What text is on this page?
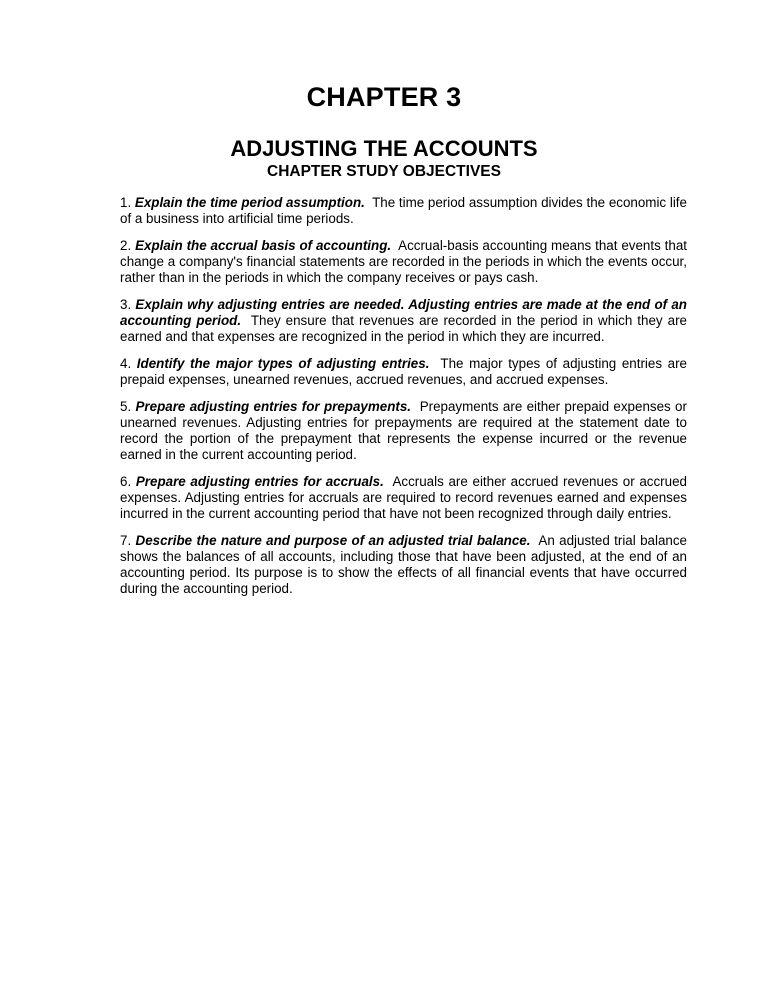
CHAPTER 3
ADJUSTING THE ACCOUNTS
CHAPTER STUDY OBJECTIVES

1. Explain the time period assumption. The time period assumption divides the economic life of a business into artificial time periods.

2. Explain the accrual basis of accounting. Accrual-basis accounting means that events that change a company's financial statements are recorded in the periods in which the events occur, rather than in the periods in which the company receives or pays cash.

3. Explain why adjusting entries are needed. Adjusting entries are made at the end of an accounting period. They ensure that revenues are recorded in the period in which they are earned and that expenses are recognized in the period in which they are incurred.

4. Identify the major types of adjusting entries. The major types of adjusting entries are prepaid expenses, unearned revenues, accrued revenues, and accrued expenses.

5. Prepare adjusting entries for prepayments. Prepayments are either prepaid expenses or unearned revenues. Adjusting entries for prepayments are required at the statement date to record the portion of the prepayment that represents the expense incurred or the revenue earned in the current accounting period.

6. Prepare adjusting entries for accruals. Accruals are either accrued revenues or accrued expenses. Adjusting entries for accruals are required to record revenues earned and expenses incurred in the current accounting period that have not been recognized through daily entries.

7. Describe the nature and purpose of an adjusted trial balance. An adjusted trial balance shows the balances of all accounts, including those that have been adjusted, at the end of an accounting period. Its purpose is to show the effects of all financial events that have occurred during the accounting period.
